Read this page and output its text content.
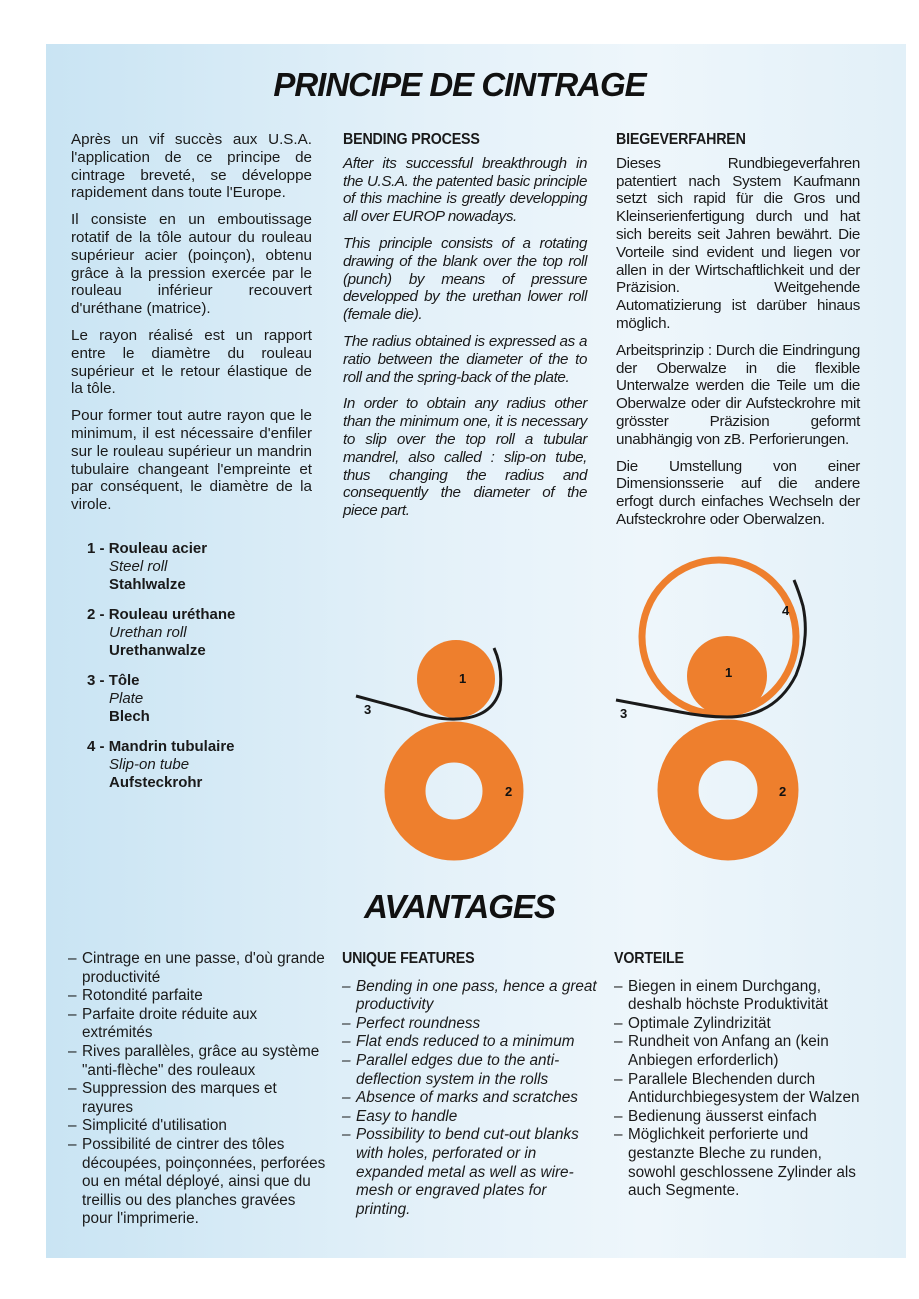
PRINCIPE DE CINTRAGE

Après un vif succès aux U.S.A. l'application de ce principe de cintrage breveté, se développe rapidement dans toute l'Europe.

Il consiste en un emboutissage rotatif de la tôle autour du rouleau supérieur acier (poinçon), obtenu grâce à la pression exercée par le rouleau inférieur recouvert d'uréthane (matrice).

Le rayon réalisé est un rapport entre le diamètre du rouleau supérieur et le retour élastique de la tôle.

Pour former tout autre rayon que le minimum, il est nécessaire d'enfiler sur le rouleau supérieur un mandrin tubulaire changeant l'empreinte et par conséquent, le diamètre de la virole.

BENDING PROCESS

After its successful breakthrough in the U.S.A. the patented basic principle of this machine is greatly developping all over EUROP nowadays.

This principle consists of a rotating drawing of the blank over the top roll (punch) by means of pressure developped by the urethan lower roll (female die).

The radius obtained is expressed as a ratio between the diameter of the to roll and the spring-back of the plate.

In order to obtain any radius other than the minimum one, it is necessary to slip over the top roll a tubular mandrel, also called : slip-on tube, thus changing the radius and consequently the diameter of the piece part.

BIEGEVERFAHREN

Dieses Rundbiegeverfahren patentiert nach System Kaufmann setzt sich rapid für die Gros und Kleinserienfertigung durch und hat sich bereits seit Jahren bewährt. Die Vorteile sind evident und liegen vor allen in der Wirtschaftlichkeit und der Präzision. Weitgehende Automatizierung ist darüber hinaus möglich.

Arbeitsprinzip : Durch die Eindringung der Oberwalze in die flexible Unterwalze werden die Teile um die Oberwalze oder dir Aufsteckrohre mit grösster Präzision geformt unabhängig von zB. Perforierungen.

Die Umstellung von einer Dimensionsserie auf die andere erfogt durch einfaches Wechseln der Aufsteckrohre oder Oberwalzen.

1 - Rouleau acier
Steel roll
Stahlwalze
2 - Rouleau uréthane
Urethan roll
Urethanwalze
3 - Tôle
Plate
Blech
4 - Mandrin tubulaire
Slip-on tube
Aufsteckrohr
1
2
3
1
2
3
4
AVANTAGES
– Cintrage en une passe, d'où grande productivité
– Rotondité parfaite
– Parfaite droite réduite aux extrémités
– Rives parallèles, grâce au système "anti-flèche" des rouleaux
– Suppression des marques et rayures
– Simplicité d'utilisation
– Possibilité de cintrer des tôles découpées, poinçonnées, perforées ou en métal déployé, ainsi que du treillis ou des planches gravées pour l'imprimerie.
UNIQUE FEATURES
– Bending in one pass, hence a great productivity
– Perfect roundness
– Flat ends reduced to a minimum
– Parallel edges due to the anti-deflection system in the rolls
– Absence of marks and scratches
– Easy to handle
– Possibility to bend cut-out blanks with holes, perforated or in expanded metal as well as wire-mesh or engraved plates for printing.
VORTEILE
– Biegen in einem Durchgang, deshalb höchste Produktivität
– Optimale Zylindrizität
– Rundheit von Anfang an (kein Anbiegen erforderlich)
– Parallele Blechenden durch Antidurchbiegesystem der Walzen
– Bedienung äusserst einfach
– Möglichkeit perforierte und gestanzte Bleche zu runden, sowohl geschlossene Zylinder als auch Segmente.
